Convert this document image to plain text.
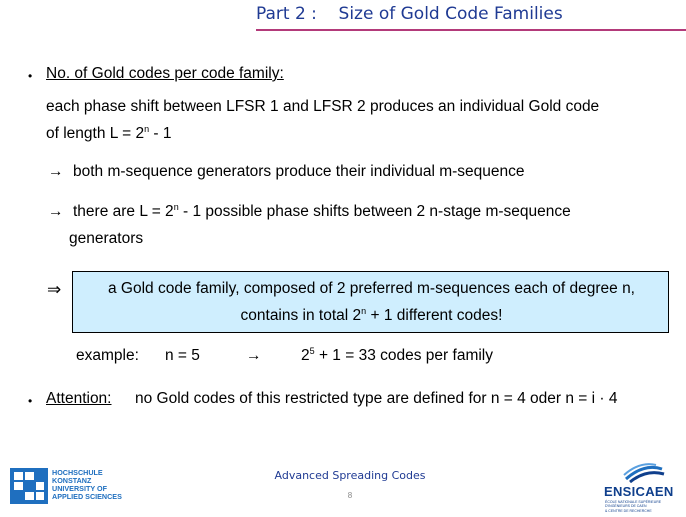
Part 2 :    Size of Gold Code Families
• No. of Gold codes per code family:
each phase shift between LFSR 1 and LFSR 2 produces an individual Gold code
of length $L = 2^n - 1$
→ both m-sequence generators produce their individual m-sequence
→ there are $L = 2^n - 1$ possible phase shifts between 2 n-stage m-sequence
generators
⇒	a Gold code family, composed of 2 preferred m-sequences each of degree n,
contains in total $2^n + 1$ different codes!
example: n = 5	→	$2^5 + 1 = 33$ codes per family
• Attention: no Gold codes of this restricted type are defined for n = 4 oder n = i · 4
HOCHSCHULE
KONSTANZ
UNIVERSITY OF
APPLIED SCIENCES
Advanced Spreading Codes
8	ENSICAEN
ÉCOLE NATIONALE SUPÉRIEURE D'INGÉNIEURS DE CAEN
& CENTRE DE RECHERCHE
